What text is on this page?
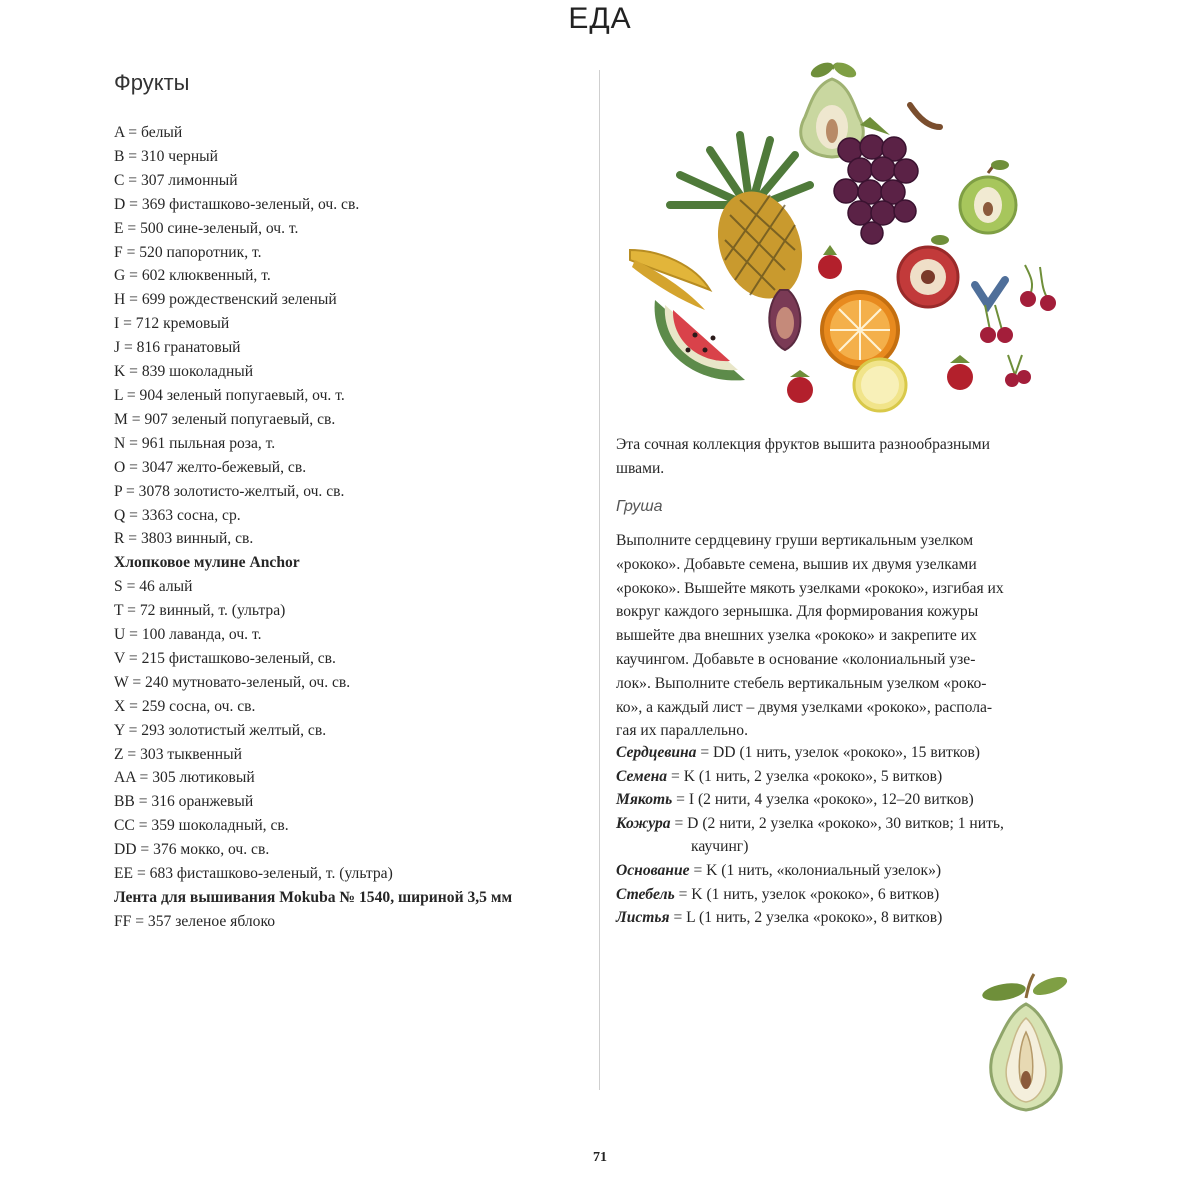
ЕДА
Фрукты
A = белый
B = 310 черный
C = 307 лимонный
D = 369 фисташково-зеленый, оч. св.
E = 500 сине-зеленый, оч. т.
F = 520 папоротник, т.
G = 602 клюквенный, т.
H = 699 рождественский зеленый
I = 712 кремовый
J = 816 гранатовый
K = 839 шоколадный
L = 904 зеленый попугаевый, оч. т.
M = 907 зеленый попугаевый, св.
N = 961 пыльная роза, т.
O = 3047 желто-бежевый, св.
P = 3078 золотисто-желтый, оч. св.
Q = 3363 сосна, ср.
R = 3803 винный, св.
Хлопковое мулине Anchor
S = 46 алый
T = 72 винный, т. (ультра)
U = 100 лаванда, оч. т.
V = 215 фисташково-зеленый, св.
W = 240 мутновато-зеленый, оч. св.
X = 259 сосна, оч. св.
Y = 293 золотистый желтый, св.
Z = 303 тыквенный
AA = 305 лютиковый
BB = 316 оранжевый
CC = 359 шоколадный, св.
DD = 376 мокко, оч. св.
EE = 683 фисташково-зеленый, т. (ультра)
Лента для вышивания Mokuba № 1540, шириной 3,5 мм
FF = 357 зеленое яблоко
Эта сочная коллекция фруктов вышита разнообразными
швами.
Груша
Выполните сердцевину груши вертикальным узелком
«рококо». Добавьте семена, вышив их двумя узелками
«рококо». Вышейте мякоть узелками «рококо», изгибая их
вокруг каждого зернышка. Для формирования кожуры
вышейте два внешних узелка «рококо» и закрепите их
каучингом. Добавьте в основание «колониальный узе-
лок». Выполните стебель вертикальным узелком «роко-
ко», а каждый лист – двумя узелками «рококо», распола-
гая их параллельно.
Сердцевина = DD (1 нить, узелок «рококо», 15 витков)
Семена = K (1 нить, 2 узелка «рококо», 5 витков)
Мякоть = I (2 нити, 4 узелка «рококо», 12–20 витков)
Кожура = D (2 нити, 2 узелка «рококо», 30 витков; 1 нить,
каучинг)
Основание = K (1 нить, «колониальный узелок»)
Стебель = K (1 нить, узелок «рококо», 6 витков)
Листья = L (1 нить, 2 узелка «рококо», 8 витков)
71
